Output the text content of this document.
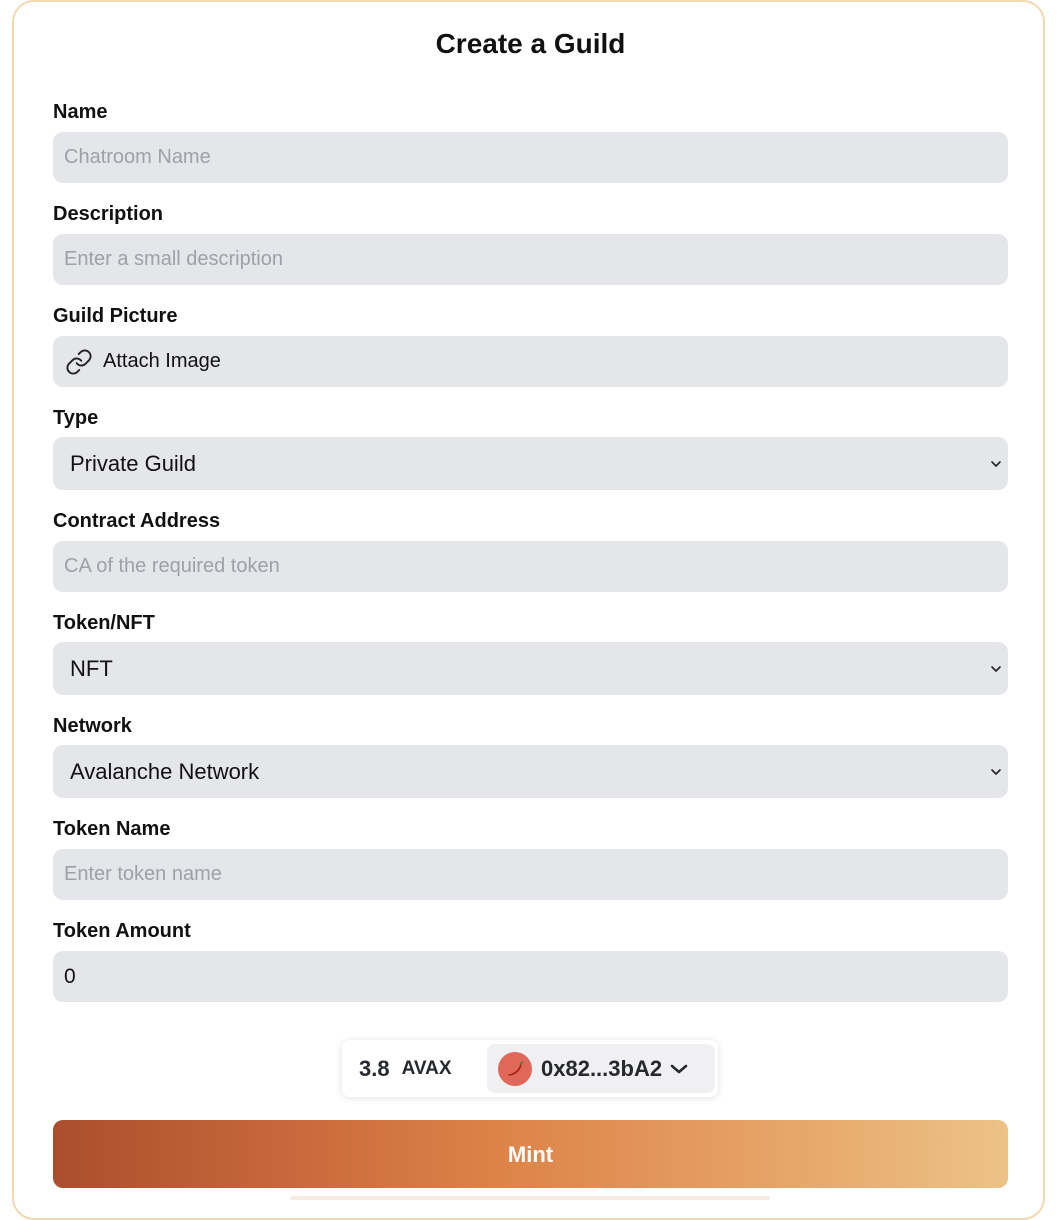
Create a Guild
Name
Chatroom Name
Description
Enter a small description
Guild Picture
Attach Image
Type
Private Guild
Contract Address
CA of the required token
Token/NFT
NFT
Network
Avalanche Network
Token Name
Enter token name
Token Amount
0
3.8 AVAX	0x82...3bA2
Mint
